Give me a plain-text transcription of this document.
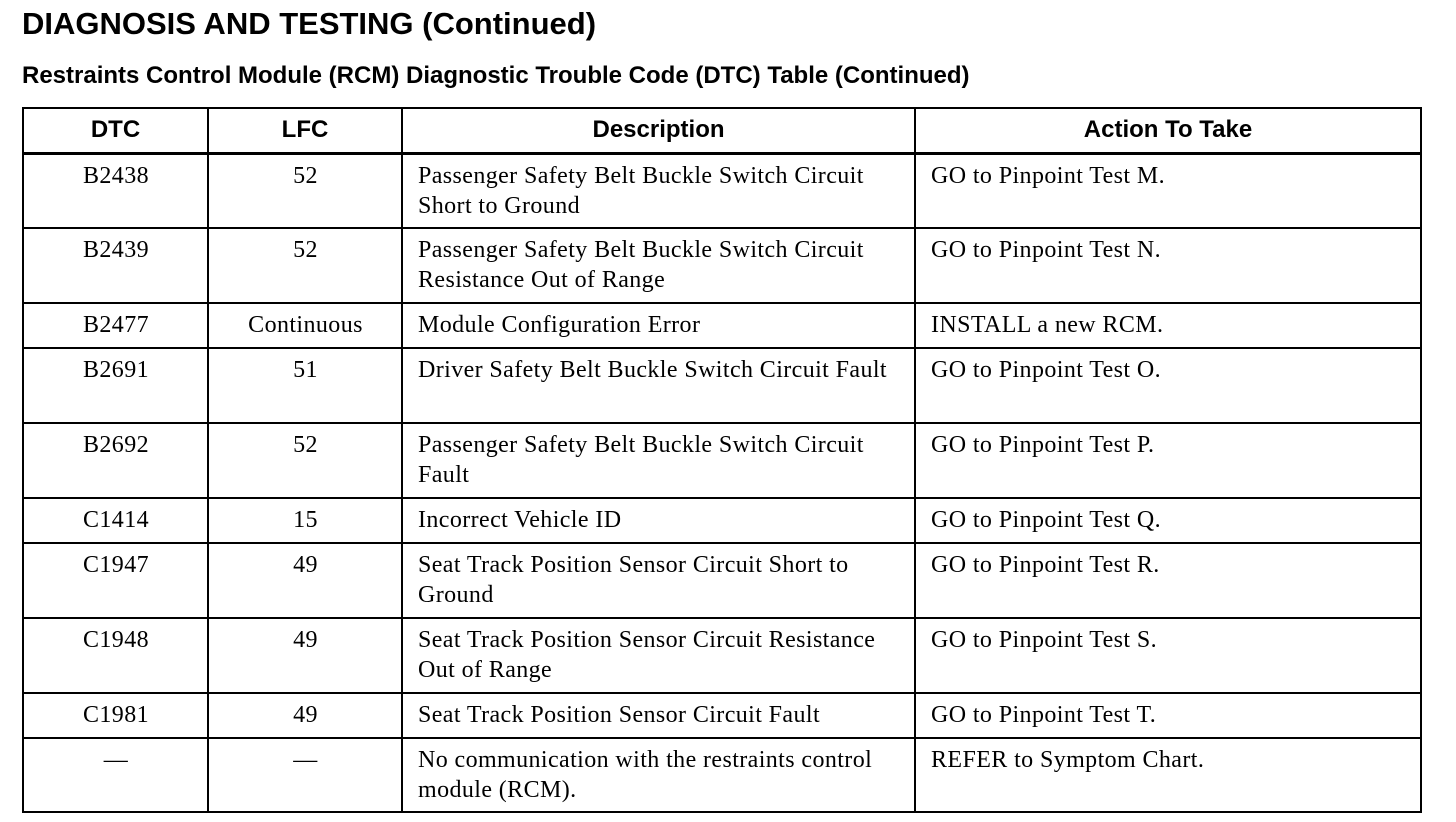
DIAGNOSIS AND TESTING (Continued)
Restraints Control Module (RCM) Diagnostic Trouble Code (DTC) Table (Continued)
DTC	LFC	Description	Action To Take
B2438	52	Passenger Safety Belt Buckle Switch Circuit Short to Ground	GO to Pinpoint Test M.
B2439	52	Passenger Safety Belt Buckle Switch Circuit Resistance Out of Range	GO to Pinpoint Test N.
B2477	Continuous	Module Configuration Error	INSTALL a new RCM.
B2691	51	Driver Safety Belt Buckle Switch Circuit Fault	GO to Pinpoint Test O.
B2692	52	Passenger Safety Belt Buckle Switch Circuit Fault	GO to Pinpoint Test P.
C1414	15	Incorrect Vehicle ID	GO to Pinpoint Test Q.
C1947	49	Seat Track Position Sensor Circuit Short to Ground	GO to Pinpoint Test R.
C1948	49	Seat Track Position Sensor Circuit Resistance Out of Range	GO to Pinpoint Test S.
C1981	49	Seat Track Position Sensor Circuit Fault	GO to Pinpoint Test T.
—	—	No communication with the restraints control module (RCM).	REFER to Symptom Chart.
